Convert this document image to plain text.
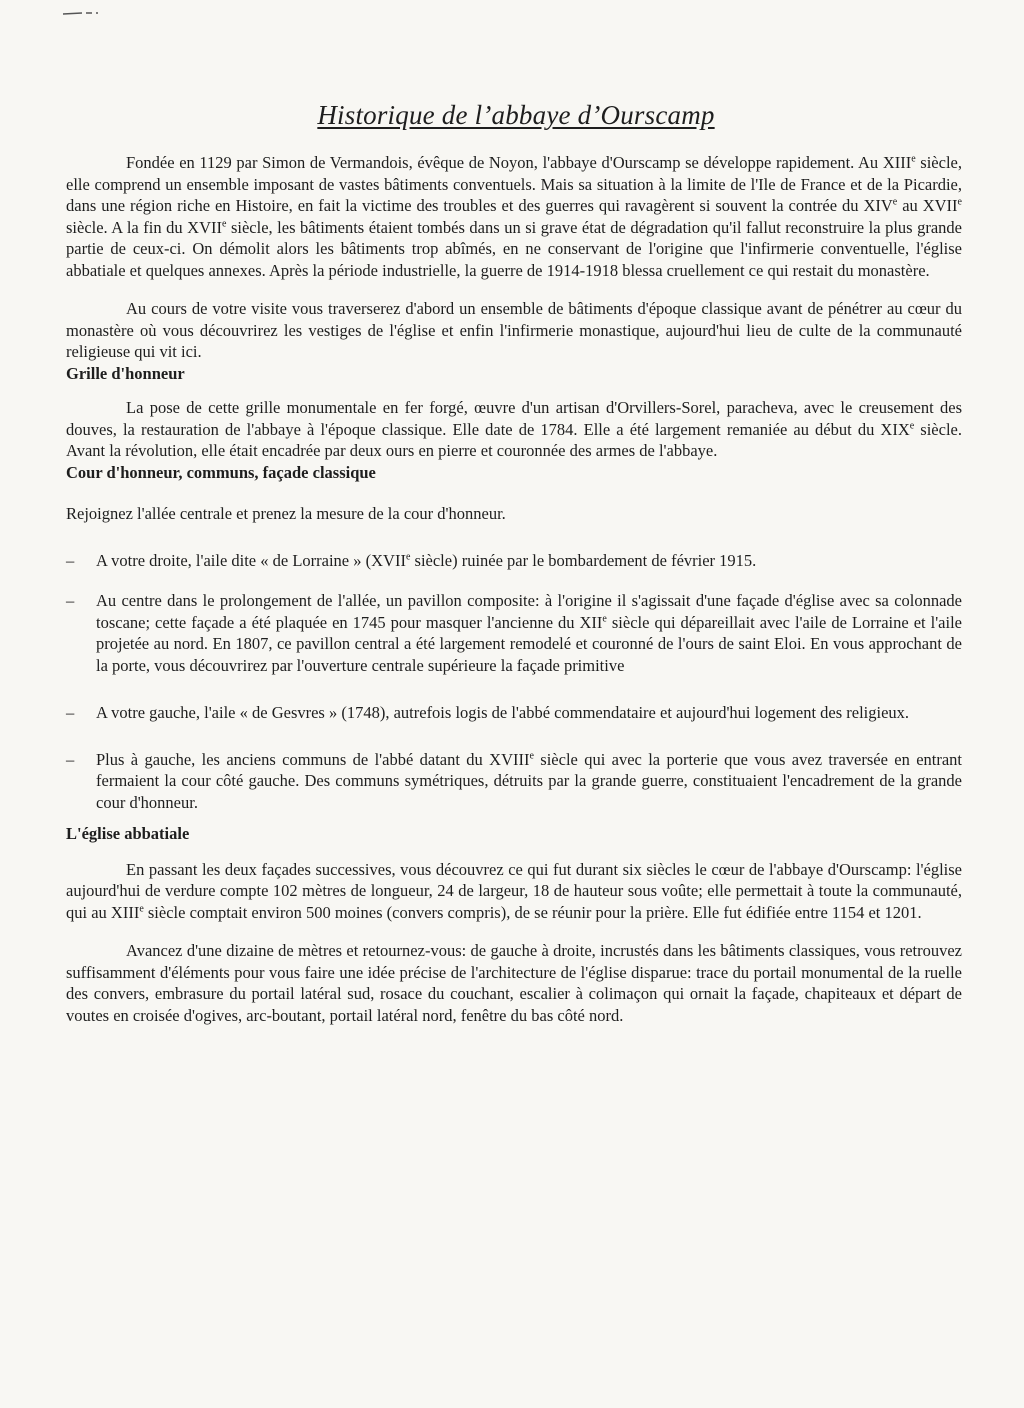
Historique de l’abbaye d’Ourscamp

Fondée en 1129 par Simon de Vermandois, évêque de Noyon, l'abbaye d'Ourscamp se développe rapidement. Au XIIIe siècle, elle comprend un ensemble imposant de vastes bâtiments conventuels. Mais sa situation à la limite de l'Ile de France et de la Picardie, dans une région riche en Histoire, en fait la victime des troubles et des guerres qui ravagèrent si souvent la contrée du XIVe au XVIIe siècle. A la fin du XVIIe siècle, les bâtiments étaient tombés dans un si grave état de dégradation qu'il fallut reconstruire la plus grande partie de ceux-ci. On démolit alors les bâtiments trop abîmés, en ne conservant de l'origine que l'infirmerie conventuelle, l'église abbatiale et quelques annexes. Après la période industrielle, la guerre de 1914-1918 blessa cruellement ce qui restait du monastère.

Au cours de votre visite vous traverserez d'abord un ensemble de bâtiments d'époque classique avant de pénétrer au cœur du monastère où vous découvrirez les vestiges de l'église et enfin l'infirmerie monastique, aujourd'hui lieu de culte de la communauté religieuse qui vit ici.

Grille d'honneur

La pose de cette grille monumentale en fer forgé, œuvre d'un artisan d'Orvillers-Sorel, paracheva, avec le creusement des douves, la restauration de l'abbaye à l'époque classique. Elle date de 1784. Elle a été largement remaniée au début du XIXe siècle. Avant la révolution, elle était encadrée par deux ours en pierre et couronnée des armes de l'abbaye.

Cour d'honneur, communs, façade classique

Rejoignez l'allée centrale et prenez la mesure de la cour d'honneur.

–	A votre droite, l'aile dite « de Lorraine » (XVIIe siècle) ruinée par le bombardement de février 1915.
–	Au centre dans le prolongement de l'allée, un pavillon composite: à l'origine il s'agissait d'une façade d'église avec sa colonnade toscane; cette façade a été plaquée en 1745 pour masquer l'ancienne du XIIe siècle qui dépareillait avec l'aile de Lorraine et l'aile projetée au nord. En 1807, ce pavillon central a été largement remodelé et couronné de l'ours de saint Eloi. En vous approchant de la porte, vous découvrirez par l'ouverture centrale supérieure la façade primitive
–	A votre gauche, l'aile « de Gesvres » (1748), autrefois logis de l'abbé commendataire et aujourd'hui logement des religieux.
–	Plus à gauche, les anciens communs de l'abbé datant du XVIIIe siècle qui avec la porterie que vous avez traversée en entrant fermaient la cour côté gauche. Des communs symétriques, détruits par la grande guerre, constituaient l'encadrement de la grande cour d'honneur.

L'église abbatiale

En passant les deux façades successives, vous découvrez ce qui fut durant six siècles le cœur de l'abbaye d'Ourscamp: l'église aujourd'hui de verdure compte 102 mètres de longueur, 24 de largeur, 18 de hauteur sous voûte; elle permettait à toute la communauté, qui au XIIIe siècle comptait environ 500 moines (convers compris), de se réunir pour la prière. Elle fut édifiée entre 1154 et 1201.

Avancez d'une dizaine de mètres et retournez-vous: de gauche à droite, incrustés dans les bâtiments classiques, vous retrouvez suffisamment d'éléments pour vous faire une idée précise de l'architecture de l'église disparue: trace du portail monumental de la ruelle des convers, embrasure du portail latéral sud, rosace du couchant, escalier à colimaçon qui ornait la façade, chapiteaux et départ de voutes en croisée d'ogives, arc-boutant, portail latéral nord, fenêtre du bas côté nord.
